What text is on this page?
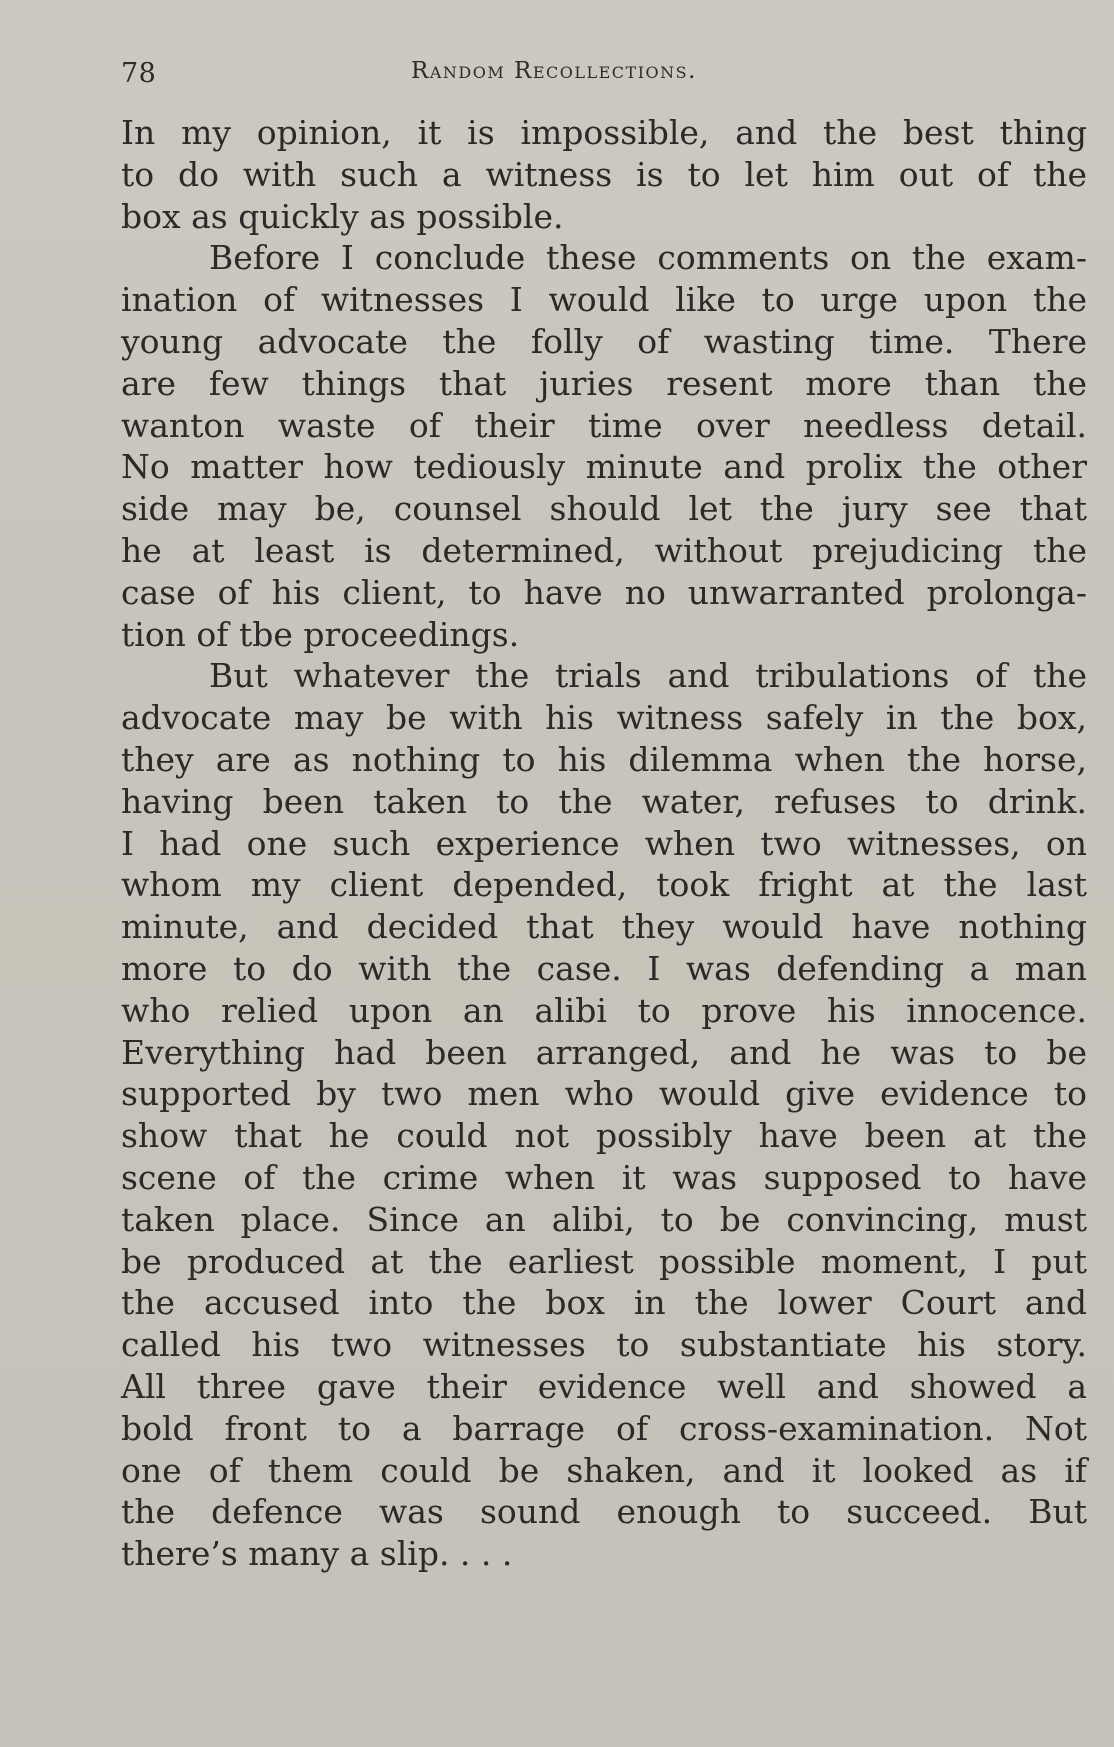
78	Random Recollections.
In my opinion, it is impossible, and the best thing
to do with such a witness is to let him out of the
box as quickly as possible.
Before I conclude these comments on the exam-
ination of witnesses I would like to urge upon the
young advocate the folly of wasting time. There
are few things that juries resent more than the
wanton waste of their time over needless detail.
No matter how tediously minute and prolix the other
side may be, counsel should let the jury see that
he at least is determined, without prejudicing the
case of his client, to have no unwarranted prolonga-
tion of tbe proceedings.
But whatever the trials and tribulations of the
advocate may be with his witness safely in the box,
they are as nothing to his dilemma when the horse,
having been taken to the water, refuses to drink.
I had one such experience when two witnesses, on
whom my client depended, took fright at the last
minute, and decided that they would have nothing
more to do with the case. I was defending a man
who relied upon an alibi to prove his innocence.
Everything had been arranged, and he was to be
supported by two men who would give evidence to
show that he could not possibly have been at the
scene of the crime when it was supposed to have
taken place. Since an alibi, to be convincing, must
be produced at the earliest possible moment, I put
the accused into the box in the lower Court and
called his two witnesses to substantiate his story.
All three gave their evidence well and showed a
bold front to a barrage of cross-examination. Not
one of them could be shaken, and it looked as if
the defence was sound enough to succeed. But
there’s many a slip. . . .
